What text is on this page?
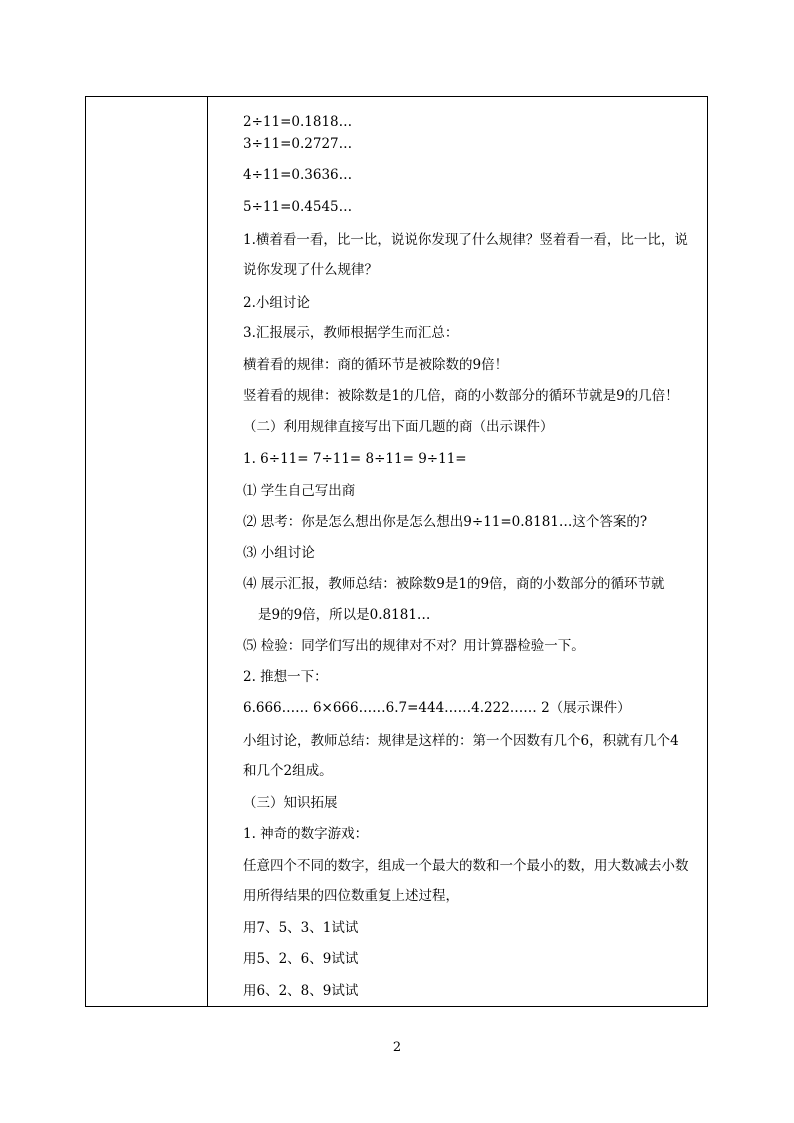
2÷11=0.1818…
3÷11=0.2727…
4÷11=0.3636…
5÷11=0.4545…
1.横着看一看，比一比，说说你发现了什么规律？竖着看一看，比一比，说
说你发现了什么规律？
2.小组讨论
3.汇报展示，教师根据学生而汇总：
横着看的规律：商的循环节是被除数的9倍！
竖着看的规律：被除数是1的几倍，商的小数部分的循环节就是9的几倍！
（二）利用规律直接写出下面几题的商（出示课件）
1. 6÷11= 7÷11= 8÷11= 9÷11=
⑴ 学生自己写出商
⑵ 思考：你是怎么想出你是怎么想出9÷11=0.8181…这个答案的?
⑶ 小组讨论
⑷ 展示汇报，教师总结：被除数9是1的9倍，商的小数部分的循环节就
是9的9倍，所以是0.8181…
⑸ 检验：同学们写出的规律对不对？用计算器检验一下。
2. 推想一下：
6.666…… 6×666……6.7=444……4.222…… 2（展示课件）
小组讨论，教师总结：规律是这样的：第一个因数有几个6，积就有几个4
和几个2组成。
（三）知识拓展
1. 神奇的数字游戏：
任意四个不同的数字，组成一个最大的数和一个最小的数，用大数减去小数
用所得结果的四位数重复上述过程，
用7、5、3、1试试
用5、2、6、9试试
用6、2、8、9试试
2
